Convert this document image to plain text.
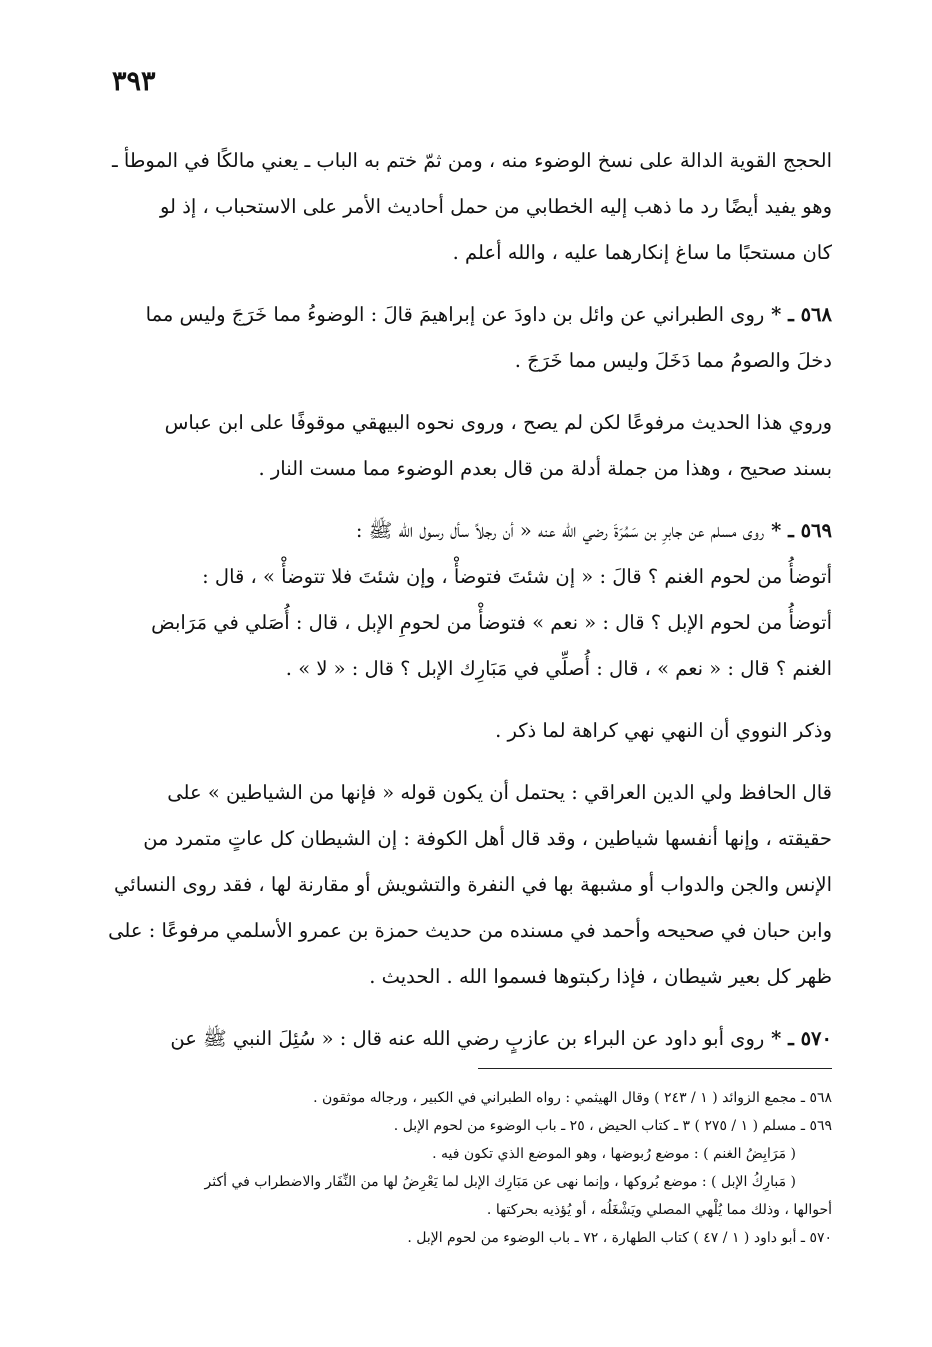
٣٩٣
الحجج القوية الدالة على نسخ الوضوء منه ، ومن ثمّ ختم به الباب ـ يعني مالكًا في الموطأ ـ
وهو يفيد أيضًا رد ما ذهب إليه الخطابي من حمل أحاديث الأمر على الاستحباب ، إذ لو
كان مستحبًا ما ساغ إنكارهما عليه ، والله أعلم .
٥٦٨ ـ * روى الطبراني عن وائل بن داودَ عن إبراهيمَ قالَ : الوضوءُ مما خَرَجَ وليس مما
دخلَ والصومُ مما دَخَلَ وليس مما خَرَجَ .
وروي هذا الحديث مرفوعًا لكن لم يصح ، وروى نحوه البيهقي موقوفًا على ابن عباس
بسند صحيح ، وهذا من جملة أدلة من قال بعدم الوضوء مما مست النار .
٥٦٩ ـ * روى مسلم عن جابرِ بن سَمُرَةَ رضي الله عنه « أن رجلاً سأل رسول الله ﷺ :
أتوضأُ من لحوم الغنم ؟ قالَ : « إن شئتَ فتوضأْ ، وإن شئتَ فلا تتوضأْ » ، قال :
أتوضأُ من لحوم الإبل ؟ قال : « نعم » فتوضأْ من لحومِ الإبل ، قال : أُصَلي في مَرَابض
الغنم ؟ قال : « نعم » ، قال : أُصلِّي في مَبَارِك الإبل ؟ قال : « لا » .
وذكر النووي أن النهي نهي كراهة لما ذكر .
قال الحافظ ولي الدين العراقي : يحتمل أن يكون قوله « فإنها من الشياطين » على
حقيقته ، وإنها أنفسها شياطين ، وقد قال أهل الكوفة : إن الشيطان كل عاتٍ متمرد من
الإنس والجن والدواب أو مشبهة بها في النفرة والتشويش أو مقارنة لها ، فقد روى النسائي
وابن حبان في صحيحه وأحمد في مسنده من حديث حمزة بن عمرو الأسلمي مرفوعًا : على
ظهر كل بعير شيطان ، فإذا ركبتوها فسموا الله . الحديث .
٥٧٠ ـ * روى أبو داود عن البراء بن عازبٍ رضي الله عنه قال : « سُئِلَ النبي ﷺ عن
٥٦٨ ـ مجمع الزوائد ( ١ / ٢٤٣ ) وقال الهيثمي : رواه الطبراني في الكبير ، ورجاله موثقون .
٥٦٩ ـ مسلم ( ١ / ٢٧٥ ) ٣ ـ كتاب الحيض ، ٢٥ ـ باب الوضوء من لحوم الإبل .
( مَرَابِضُ الغنم ) : موضع رُبوضها ، وهو الموضع الذي تكون فيه .
( مَبارِكُ الإبل ) : موضع بُروكها ، وإنما نهى عن مَبَارِك الإبل لما يَعْرِضُ لها من النِّفَار والاضطراب في أكثر
أحوالها ، وذلك مما يُلْهي المصلي ويَشْغَلُه ، أو يُؤذيه بحركتها .
٥٧٠ ـ أبو داود ( ١ / ٤٧ ) كتاب الطهارة ، ٧٢ ـ باب الوضوء من لحوم الإبل .
